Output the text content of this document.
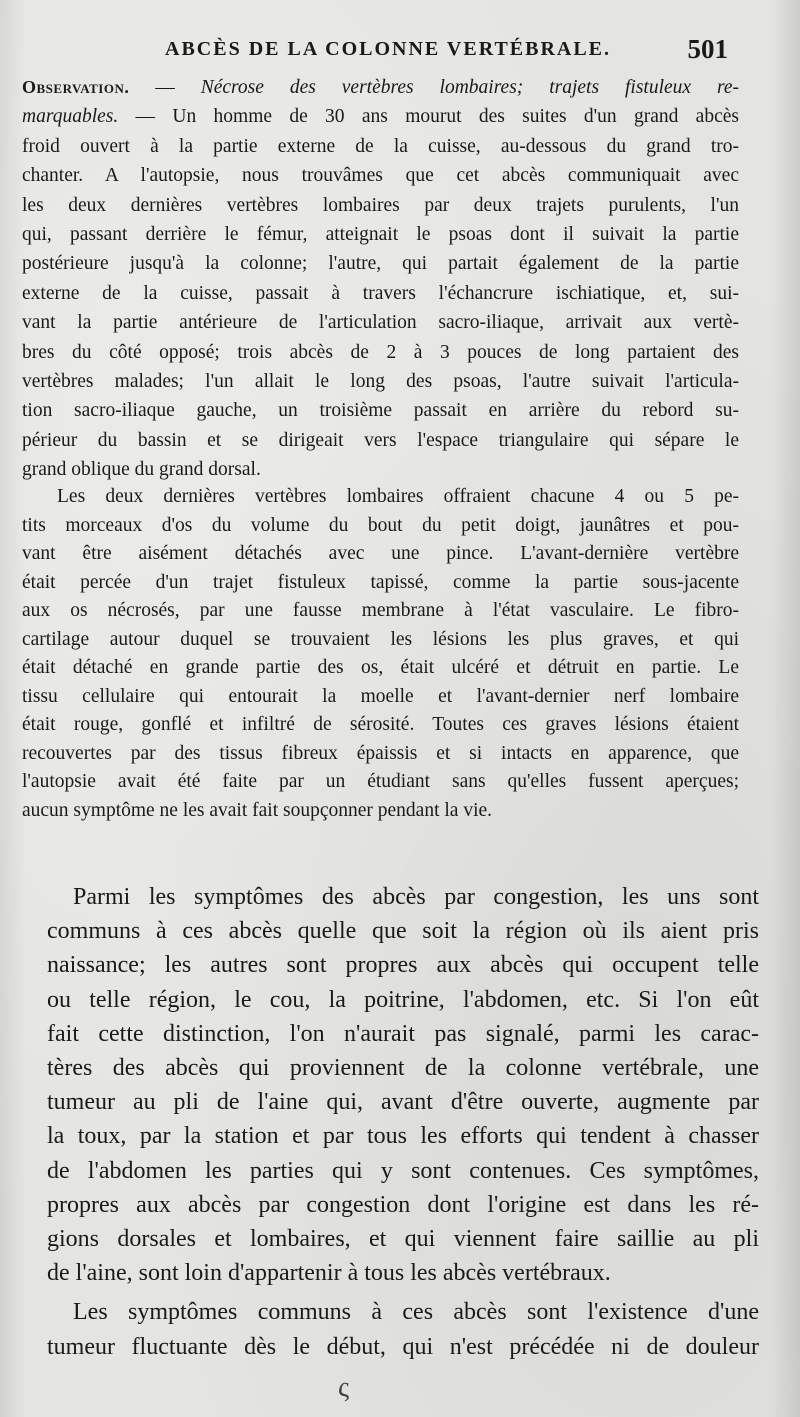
ABCÈS DE LA COLONNE VERTÉBRALE.	501
Observation. — Nécrose des vertèbres lombaires; trajets fistuleux re-
marquables. — Un homme de 30 ans mourut des suites d'un grand abcès
froid ouvert à la partie externe de la cuisse, au-dessous du grand tro-
chanter. A l'autopsie, nous trouvâmes que cet abcès communiquait avec
les deux dernières vertèbres lombaires par deux trajets purulents, l'un
qui, passant derrière le fémur, atteignait le psoas dont il suivait la partie
postérieure jusqu'à la colonne; l'autre, qui partait également de la partie
externe de la cuisse, passait à travers l'échancrure ischiatique, et, sui-
vant la partie antérieure de l'articulation sacro-iliaque, arrivait aux vertè-
bres du côté opposé; trois abcès de 2 à 3 pouces de long partaient des
vertèbres malades; l'un allait le long des psoas, l'autre suivait l'articula-
tion sacro-iliaque gauche, un troisième passait en arrière du rebord su-
périeur du bassin et se dirigeait vers l'espace triangulaire qui sépare le
grand oblique du grand dorsal.
Les deux dernières vertèbres lombaires offraient chacune 4 ou 5 pe-
tits morceaux d'os du volume du bout du petit doigt, jaunâtres et pou-
vant être aisément détachés avec une pince. L'avant-dernière vertèbre
était percée d'un trajet fistuleux tapissé, comme la partie sous-jacente
aux os nécrosés, par une fausse membrane à l'état vasculaire. Le fibro-
cartilage autour duquel se trouvaient les lésions les plus graves, et qui
était détaché en grande partie des os, était ulcéré et détruit en partie. Le
tissu cellulaire qui entourait la moelle et l'avant-dernier nerf lombaire
était rouge, gonflé et infiltré de sérosité. Toutes ces graves lésions étaient
recouvertes par des tissus fibreux épaissis et si intacts en apparence, que
l'autopsie avait été faite par un étudiant sans qu'elles fussent aperçues;
aucun symptôme ne les avait fait soupçonner pendant la vie.
Parmi les symptômes des abcès par congestion, les uns sont
communs à ces abcès quelle que soit la région où ils aient pris
naissance; les autres sont propres aux abcès qui occupent telle
ou telle région, le cou, la poitrine, l'abdomen, etc. Si l'on eût
fait cette distinction, l'on n'aurait pas signalé, parmi les carac-
tères des abcès qui proviennent de la colonne vertébrale, une
tumeur au pli de l'aine qui, avant d'être ouverte, augmente par
la toux, par la station et par tous les efforts qui tendent à chasser
de l'abdomen les parties qui y sont contenues. Ces symptômes,
propres aux abcès par congestion dont l'origine est dans les ré-
gions dorsales et lombaires, et qui viennent faire saillie au pli
de l'aine, sont loin d'appartenir à tous les abcès vertébraux.
Les symptômes communs à ces abcès sont l'existence d'une
tumeur fluctuante dès le début, qui n'est précédée ni de douleur
ς
